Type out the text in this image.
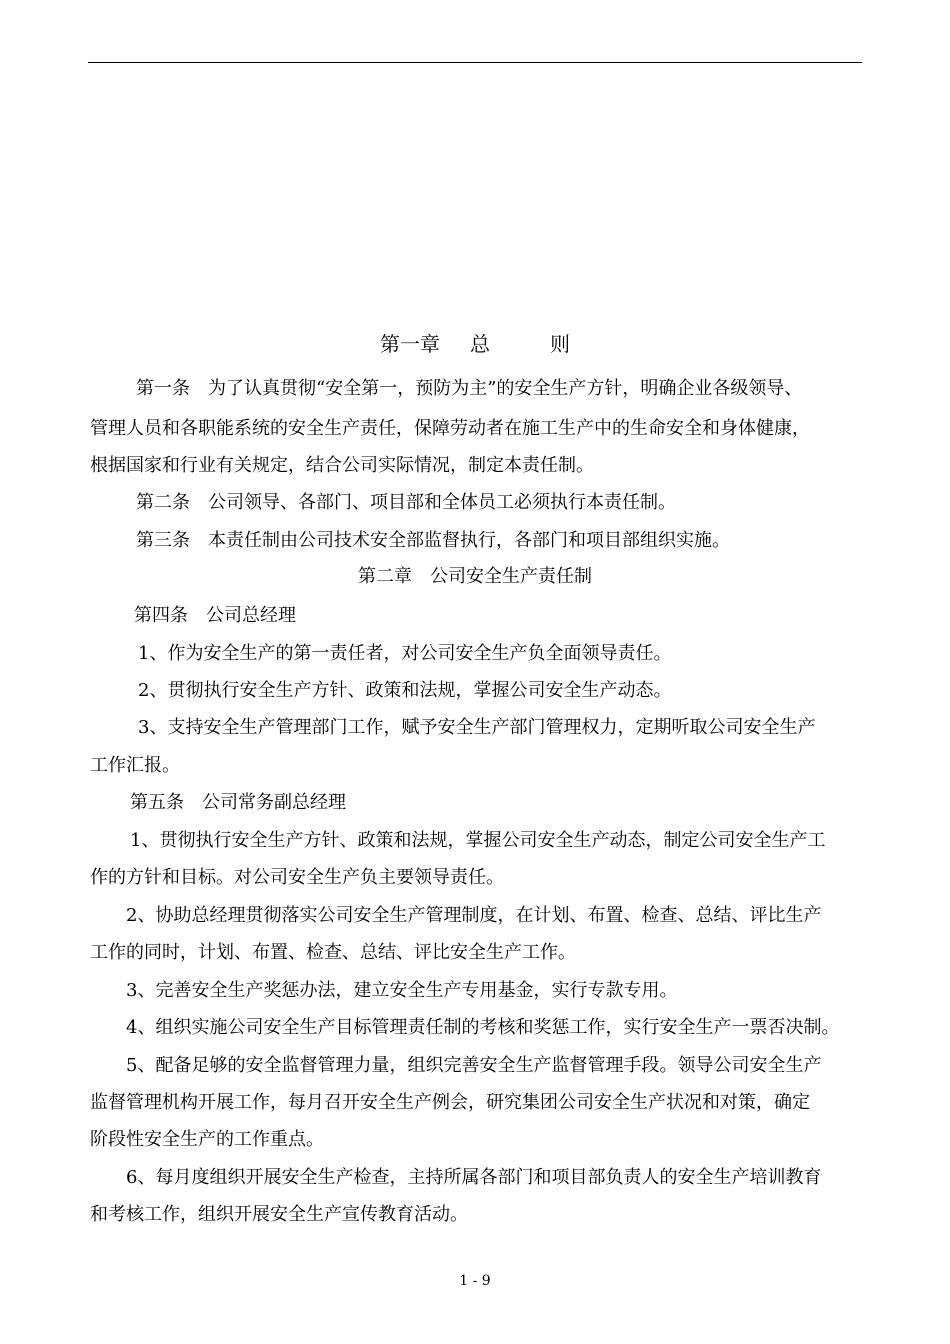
第一章 总	则
第一条　为了认真贯彻“安全第一，预防为主”的安全生产方针，明确企业各级领导、
管理人员和各职能系统的安全生产责任，保障劳动者在施工生产中的生命安全和身体健康，
根据国家和行业有关规定，结合公司实际情况，制定本责任制。
第二条　公司领导、各部门、项目部和全体员工必须执行本责任制。
第三条　本责任制由公司技术安全部监督执行，各部门和项目部组织实施。
第二章　公司安全生产责任制
第四条　公司总经理
1、作为安全生产的第一责任者，对公司安全生产负全面领导责任。
2、贯彻执行安全生产方针、政策和法规，掌握公司安全生产动态。
3、支持安全生产管理部门工作，赋予安全生产部门管理权力，定期听取公司安全生产
工作汇报。
第五条　公司常务副总经理
1、贯彻执行安全生产方针、政策和法规，掌握公司安全生产动态，制定公司安全生产工
作的方针和目标。对公司安全生产负主要领导责任。
2、协助总经理贯彻落实公司安全生产管理制度，在计划、布置、检查、总结、评比生产
工作的同时，计划、布置、检查、总结、评比安全生产工作。
3、完善安全生产奖惩办法，建立安全生产专用基金，实行专款专用。
4、组织实施公司安全生产目标管理责任制的考核和奖惩工作，实行安全生产一票否决制。
5、配备足够的安全监督管理力量，组织完善安全生产监督管理手段。领导公司安全生产
监督管理机构开展工作，每月召开安全生产例会，研究集团公司安全生产状况和对策，确定
阶段性安全生产的工作重点。
6、每月度组织开展安全生产检查，主持所属各部门和项目部负责人的安全生产培训教育
和考核工作，组织开展安全生产宣传教育活动。
1 - 9
